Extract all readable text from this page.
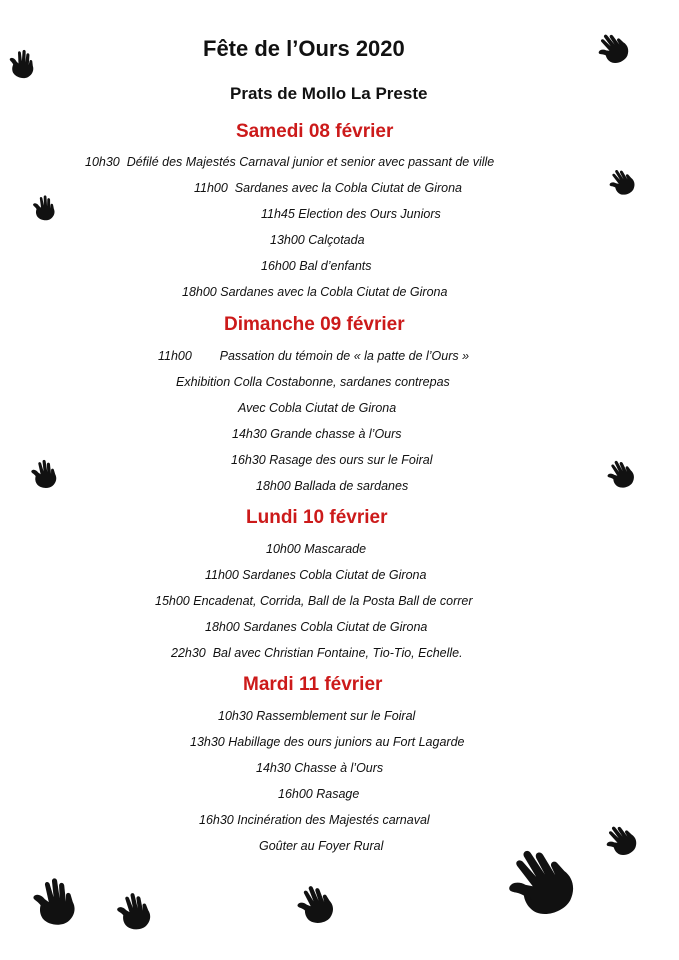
Fête de l’Ours 2020
Prats de Mollo La Preste
Samedi 08 février
10h30  Défilé des Majestés Carnaval junior et senior avec passant de ville
11h00  Sardanes avec la Cobla Ciutat de Girona
11h45 Election des Ours Juniors
13h00 Calçotada
16h00 Bal d’enfants
18h00 Sardanes avec la Cobla Ciutat de Girona
Dimanche 09 février
11h00        Passation du témoin de « la patte de l’Ours »
Exhibition Colla Costabonne, sardanes contrepas
Avec Cobla Ciutat de Girona
14h30 Grande chasse à l’Ours
16h30 Rasage des ours sur le Foiral
18h00 Ballada de sardanes
Lundi 10 février
10h00 Mascarade
11h00 Sardanes Cobla Ciutat de Girona
15h00 Encadenat, Corrida, Ball de la Posta Ball de correr
18h00 Sardanes Cobla Ciutat de Girona
22h30  Bal avec Christian Fontaine, Tio-Tio, Echelle.
Mardi 11 février
10h30 Rassemblement sur le Foiral
13h30 Habillage des ours juniors au Fort Lagarde
14h30 Chasse à l’Ours
16h00 Rasage
16h30 Incinération des Majestés carnaval
Goûter au Foyer Rural
